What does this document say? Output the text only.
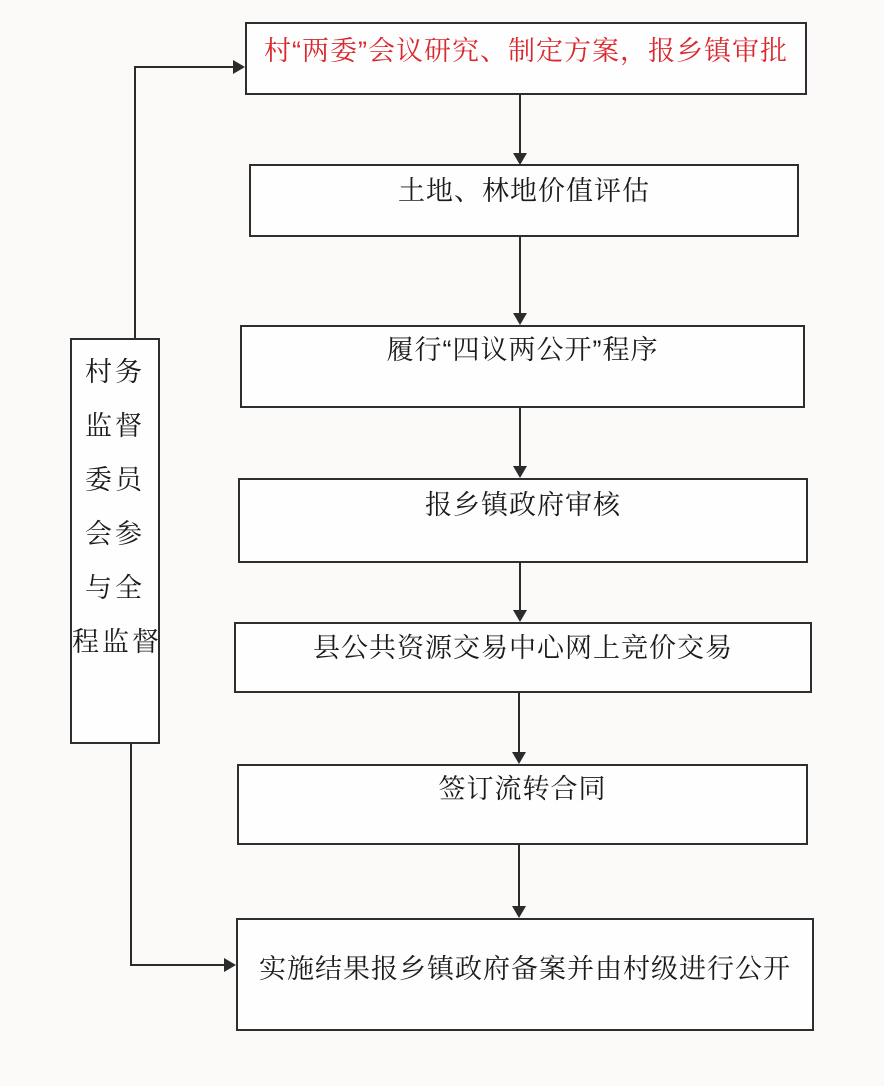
村“两委”会议研究、制定方案，报乡镇审批
土地、林地价值评估
履行“四议两公开”程序
报乡镇政府审核
县公共资源交易中心网上竞价交易
签订流转合同
实施结果报乡镇政府备案并由村级进行公开
村务
监督
委员
会参
与全
程监督
